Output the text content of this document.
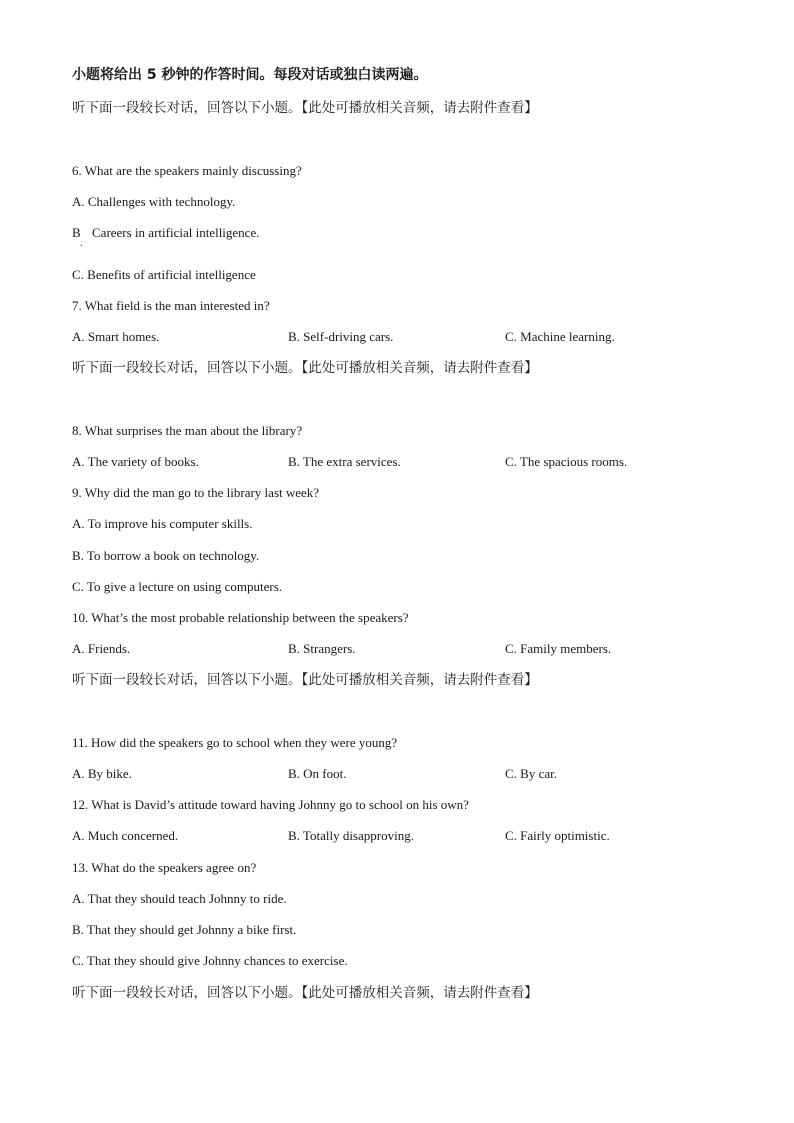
小题将给出 5 秒钟的作答时间。每段对话或独白读两遍。
听下面一段较长对话，回答以下小题。【此处可播放相关音频，请去附件查看】
6. What are the speakers mainly discussing?
A. Challenges with technology.
B
.
Careers in artificial intelligence.
C. Benefits of artificial intelligence
7. What field is the man interested in?
A. Smart homes.	B. Self-driving cars.	C. Machine learning.
听下面一段较长对话，回答以下小题。【此处可播放相关音频，请去附件查看】
8. What surprises the man about the library?
A. The variety of books.	B. The extra services.	C. The spacious rooms.
9. Why did the man go to the library last week?
A. To improve his computer skills.
B. To borrow a book on technology.
C. To give a lecture on using computers.
10. What’s the most probable relationship between the speakers?
A. Friends.	B. Strangers.	C. Family members.
听下面一段较长对话，回答以下小题。【此处可播放相关音频，请去附件查看】
11. How did the speakers go to school when they were young?
A. By bike.	B. On foot.	C. By car.
12. What is David’s attitude toward having Johnny go to school on his own?
A. Much concerned.	B. Totally disapproving.	C. Fairly optimistic.
13. What do the speakers agree on?
A. That they should teach Johnny to ride.
B. That they should get Johnny a bike first.
C. That they should give Johnny chances to exercise.
听下面一段较长对话，回答以下小题。【此处可播放相关音频，请去附件查看】
